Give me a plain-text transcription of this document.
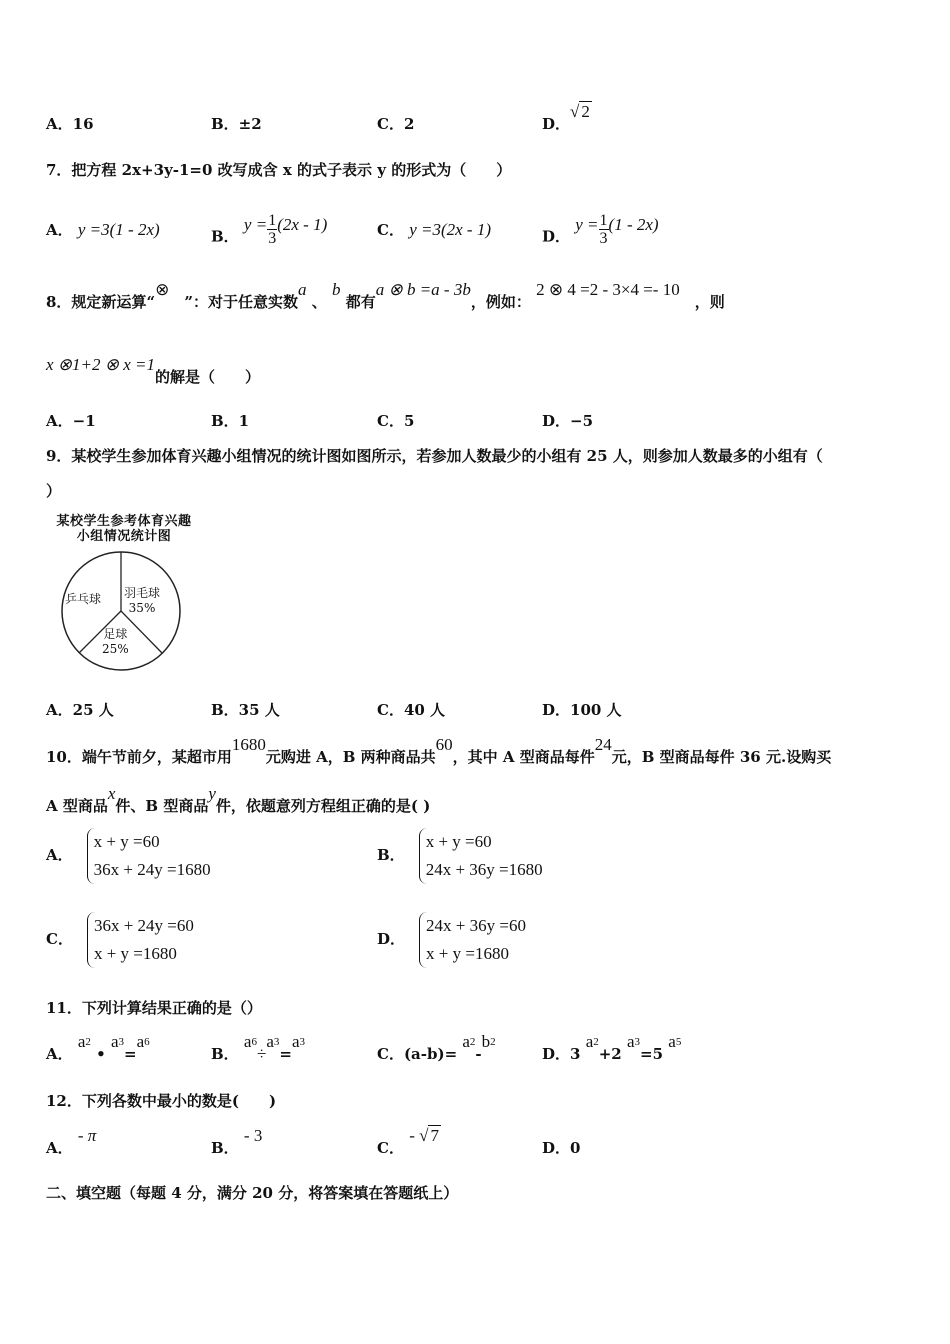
A．16	B．±2	C．2	D．√ 2
7．把方程 2x+3y-1=0 改写成含 x 的式子表示 y 的形式为（　　）
A． y =3(1 - 2x)	B． $y = \frac{1}{3} (2x - 1)$	C． y =3(2x - 1)	D． $y = \frac{1}{3} (1 - 2x)$
8．规定新运算“⊗　”：对于任意实数a 、 b 都有a ⊗ b =a - 3b，例如： 2 ⊗ 4 =2 - 3×4 =- 10　，则
x ⊗1+2 ⊗ x =1的解是（　　）
A．−1	B．1	C．5	D．−5
9．某校学生参加体育兴趣小组情况的统计图如图所示，若参加人数最少的小组有 25 人，则参加人数最多的小组有（
）
某校学生参考体育兴趣
小组情况统计图
乒乓球 羽毛球
35%
足球
25%
A．25 人	B．35 人	C．40 人	D．100 人
10．端午节前夕，某超市用1680元购进 A，B 两种商品共60，其中 A 型商品每件24元，B 型商品每件 36 元.设购买
A 型商品x件、B 型商品y件，依题意列方程组正确的是( )
A．
x + y =60
36x + 24y =1680
B．
x + y =60
24x + 36y =1680
C．
36x + 24y =60
x + y =1680
D．
24x + 36y =60
x + y =1680
11．下列计算结果正确的是（）
A． $a^2$ • $a^3=a^6$
B． $a^6\div a^3=a^3$
C．$(a-b)= a^2-b^2$
D．3 $a^2+2$ $a^3=5$ $a^5$
12．下列各数中最小的数是(　　)
A． - π
B． - 3
C． - √ 7
D．0
二、填空题（每题 4 分，满分 20 分，将答案填在答题纸上）
